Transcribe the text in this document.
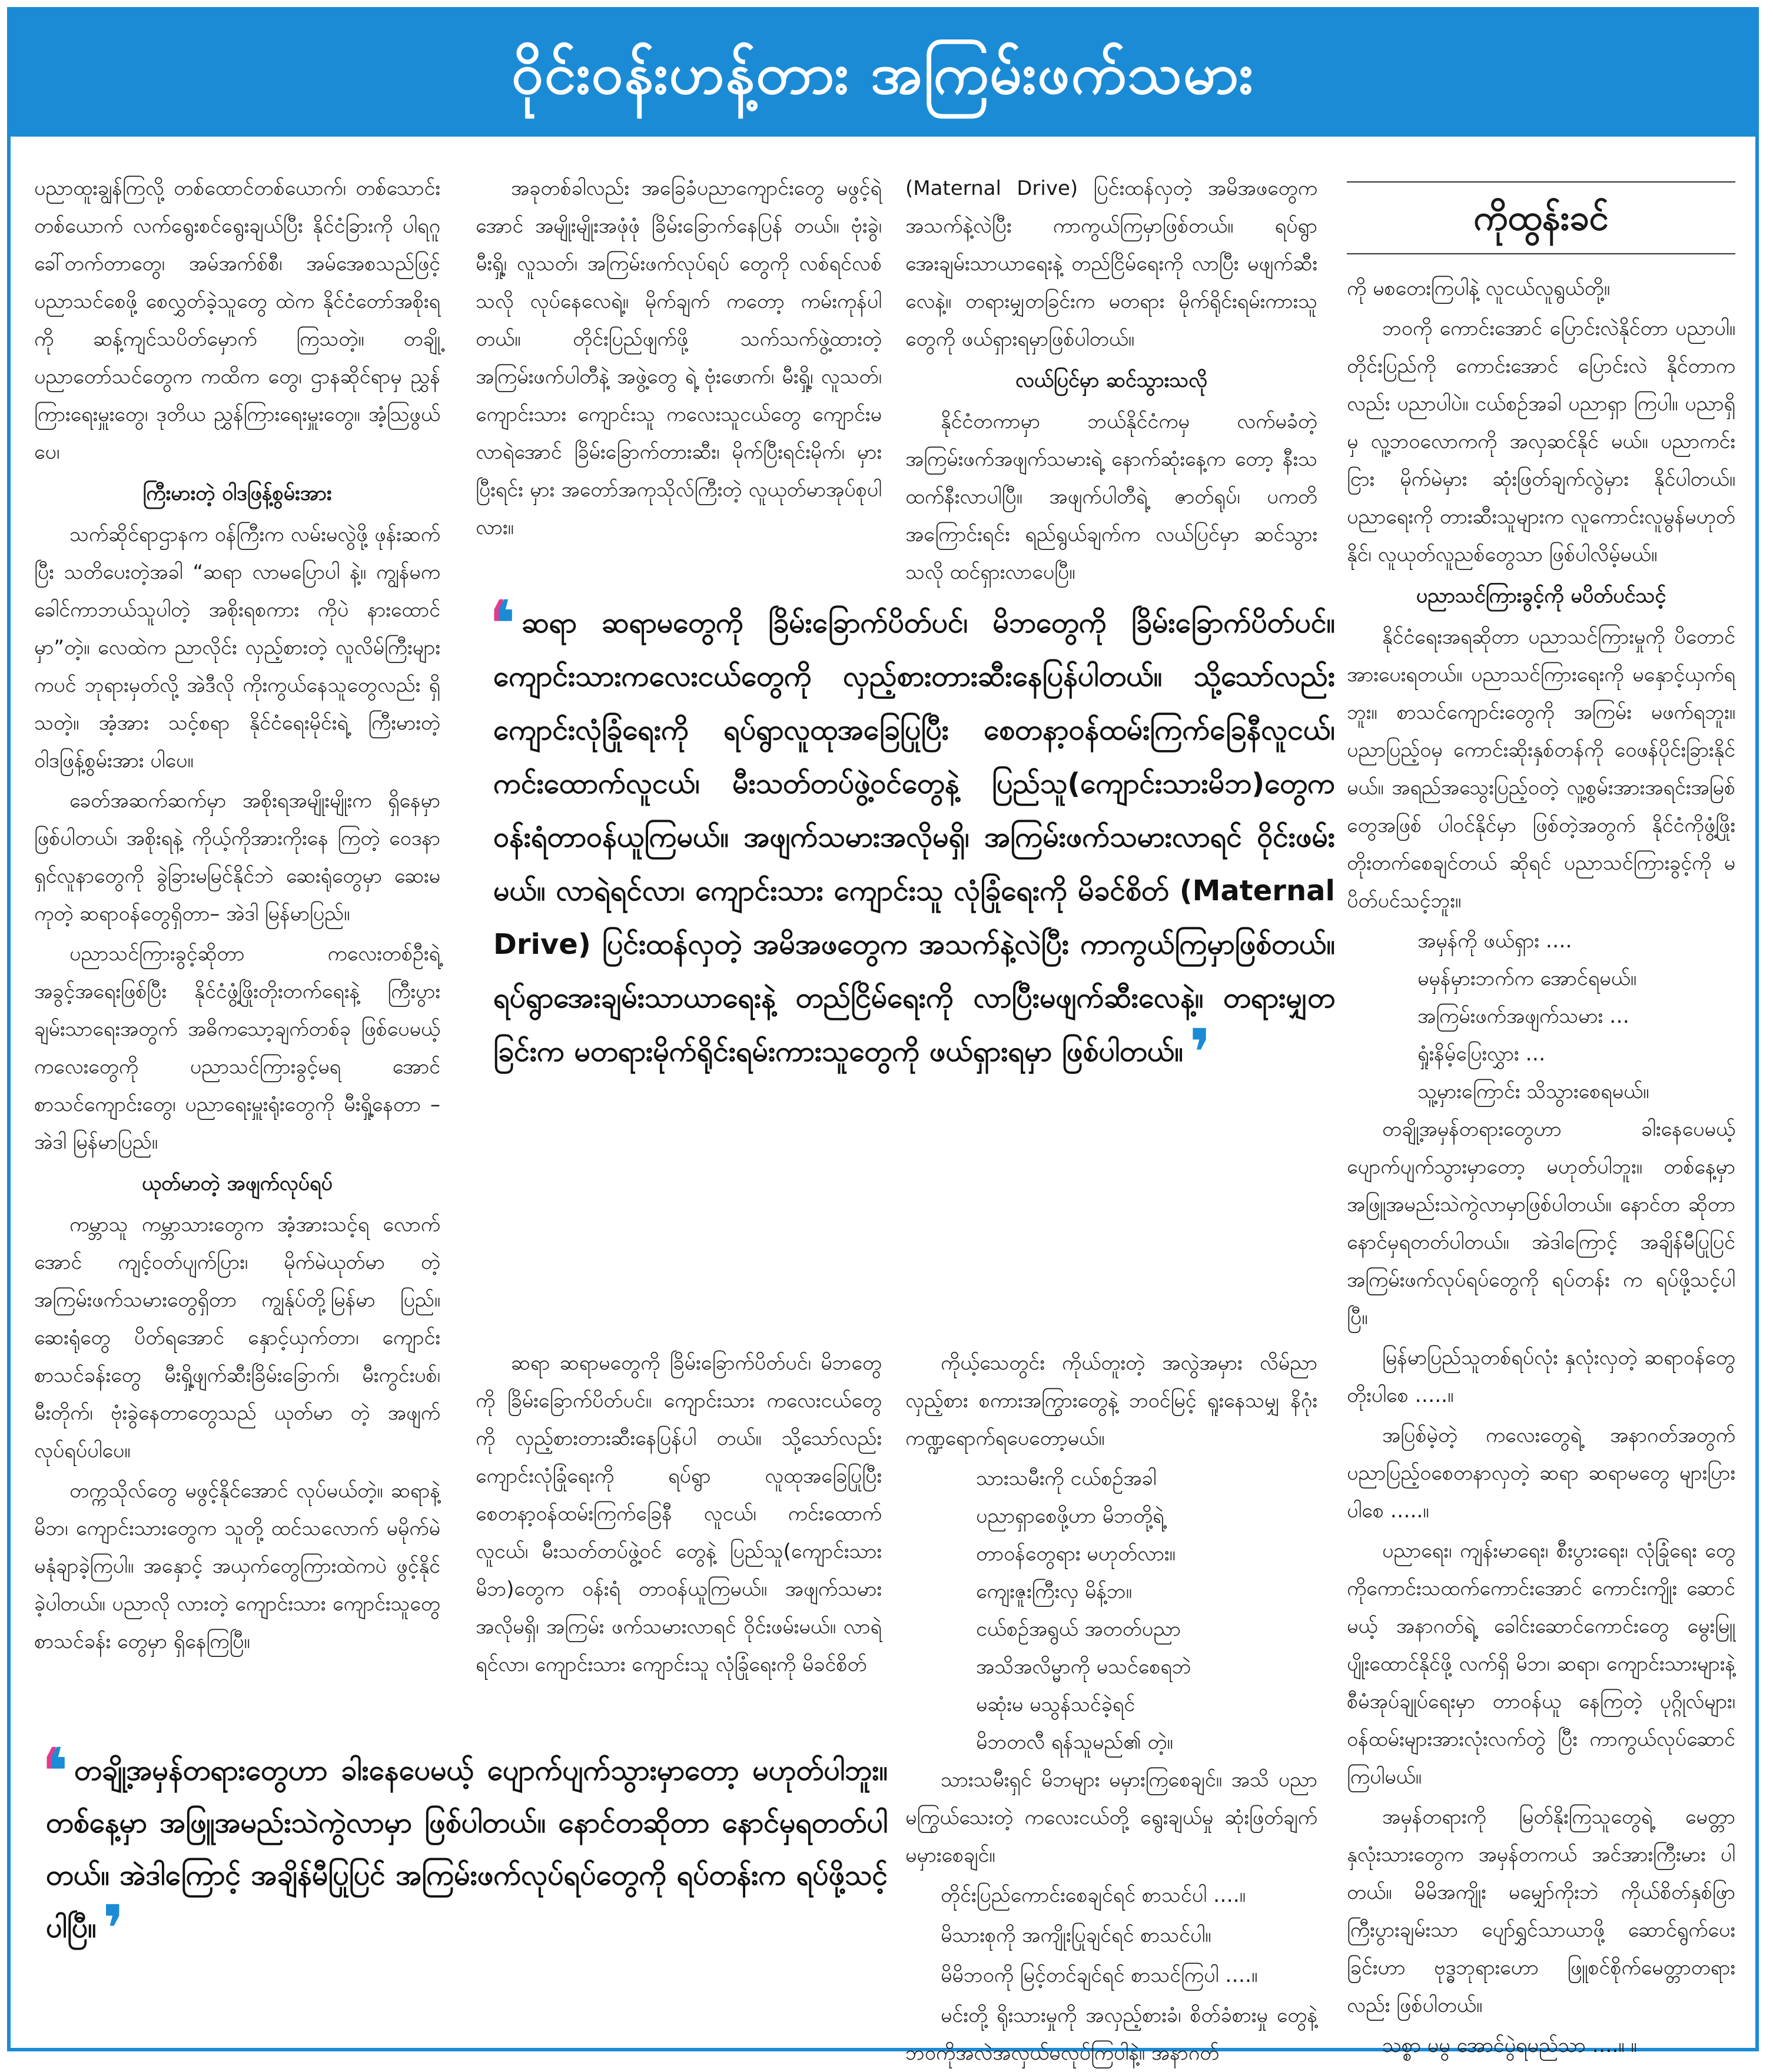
ဝိုင်းဝန်းဟန့်တား အကြမ်းဖက်သမား

ပညာထူးချွန်ကြလို့ တစ်ထောင်တစ်ယောက်၊ တစ်သောင်းတစ်ယောက် လက်ရွေးစင်ရွေးချယ်ပြီး နိုင်ငံခြားကို ပါရဂူ ခေါ်တက်တာတွေ၊ အမ်အက်စ်စီ၊ အမ်အေစသည်ဖြင့် ပညာသင်စေဖို့ စေလွှတ်ခဲ့သူတွေ ထဲက နိုင်ငံတော်အစိုးရကို ဆန့်ကျင်သပိတ်မှောက် ကြသတဲ့။ တချို့ ပညာတော်သင်တွေက ကထိက တွေ၊ ဌာနဆိုင်ရာမှ ညွှန်ကြားရေးမှူးတွေ၊ ဒုတိယ ညွှန်ကြားရေးမှူးတွေ။ အံ့သြဖွယ်ပေ၊

ကြီးမားတဲ့ ဝါဒဖြန့်စွမ်းအား

သက်ဆိုင်ရာဌာနက ဝန်ကြီးက လမ်းမလွဲဖို့ ဖုန်းဆက်ပြီး သတိပေးတဲ့အခါ “ဆရာ လာမပြောပါ နဲ့။ ကျွန်မက ခေါင်ကာဘယ်သူပါတဲ့ အစိုးရစကား ကိုပဲ နားထောင်မှာ”တဲ့။ လေထဲက ညာလိုင်း လှည့်စားတဲ့ လူလိမ်ကြီးများကပင် ဘုရားမှတ်လို့ အဲဒီလို ကိုးကွယ်နေသူတွေလည်း ရှိသတဲ့။ အံ့အား သင့်စရာ နိုင်ငံရေးမိုင်းရဲ့ ကြီးမားတဲ့ ဝါဒဖြန့်စွမ်းအား ပါပေ။

ခေတ်အဆက်ဆက်မှာ အစိုးရအမျိုးမျိုးက ရှိနေမှာဖြစ်ပါတယ်၊ အစိုးရနဲ့ ကိုယ့်ကိုအားကိုးနေ ကြတဲ့ ဝေဒနာရှင်လူနာတွေကို ခွဲခြားမမြင်နိုင်ဘဲ ဆေးရုံတွေမှာ ဆေးမကုတဲ့ ဆရာဝန်တွေရှိတာ– အဲဒါ မြန်မာပြည်။

ပညာသင်ကြားခွင့်ဆိုတာ ကလေးတစ်ဦးရဲ့ အခွင့်အရေးဖြစ်ပြီး နိုင်ငံဖွံ့ဖြိုးတိုးတက်ရေးနဲ့ ကြီးပွားချမ်းသာရေးအတွက် အဓိကသော့ချက်တစ်ခု ဖြစ်ပေမယ့် ကလေးတွေကို ပညာသင်ကြားခွင့်မရ အောင် စာသင်ကျောင်းတွေ၊ ပညာရေးမှူးရုံးတွေကို မီးရှို့နေတာ – အဲဒါ မြန်မာပြည်။

ယုတ်မာတဲ့ အဖျက်လုပ်ရပ်

ကမ္ဘာသူ ကမ္ဘာသားတွေက အံ့အားသင့်ရ လောက်အောင် ကျင့်ဝတ်ပျက်ပြား၊ မိုက်မဲယုတ်မာ တဲ့ အကြမ်းဖက်သမားတွေရှိတာ ကျွန်ုပ်တို့မြန်မာ ပြည်။ ဆေးရုံတွေ ပိတ်ရအောင် နှောင့်ယှက်တာ၊ ကျောင်းစာသင်ခန်းတွေ မီးရှို့ဖျက်ဆီးခြိမ်းခြောက်၊ မီးကွင်းပစ်၊ မီးတိုက်၊ ဗုံးခွဲနေတာတွေသည် ယုတ်မာ တဲ့ အဖျက်လုပ်ရပ်ပါပေ။

တက္ကသိုလ်တွေ မဖွင့်နိုင်အောင် လုပ်မယ်တဲ့။ ဆရာနဲ့ မိဘ၊ ကျောင်းသားတွေက သူတို့ ထင်သလောက် မမိုက်မဲ မနုံချာခဲ့ကြပါ။ အနှောင့် အယှက်တွေကြားထဲကပဲ ဖွင့်နိုင်ခဲ့ပါတယ်။ ပညာလို လားတဲ့ ကျောင်းသား ကျောင်းသူတွေ စာသင်ခန်း တွေမှာ ရှိနေကြပြီ။

အခုတစ်ခါလည်း အခြေခံပညာကျောင်းတွေ မဖွင့်ရဲအောင် အမျိုးမျိုးအဖုံဖုံ ခြိမ်းခြောက်နေပြန် တယ်။ ဗုံးခွဲ၊ မီးရှို့၊ လူသတ်၊ အကြမ်းဖက်လုပ်ရပ် တွေကို လစ်ရင်လစ်သလို လုပ်နေလေရဲ့။ မိုက်ချက် ကတော့ ကမ်းကုန်ပါတယ်။ တိုင်းပြည်ဖျက်ဖို့ သက်သက်ဖွဲ့ထားတဲ့ အကြမ်းဖက်ပါတီနဲ့ အဖွဲ့တွေ ရဲ့ ဗုံးဖောက်၊ မီးရှို့၊ လူသတ်၊ ကျောင်းသား ကျောင်းသူ ကလေးသူငယ်တွေ ကျောင်းမလာရဲအောင် ခြိမ်းခြောက်တားဆီး၊ မိုက်ပြီးရင်းမိုက်၊ မှားပြီးရင်း မှား အတော်အကုသိုလ်ကြီးတဲ့ လူယုတ်မာအုပ်စုပါ လား။

(Maternal Drive) ပြင်းထန်လှတဲ့ အမိအဖတွေက အသက်နဲ့လဲပြီး ကာကွယ်ကြမှာဖြစ်တယ်။ ရပ်ရွာ အေးချမ်းသာယာရေးနဲ့ တည်ငြိမ်ရေးကို လာပြီး မဖျက်ဆီးလေနဲ့။ တရားမျှတခြင်းက မတရား မိုက်ရိုင်းရမ်းကားသူတွေကို ဖယ်ရှားရမှာဖြစ်ပါတယ်။

လယ်ပြင်မှာ ဆင်သွားသလို

နိုင်ငံတကာမှာ ဘယ်နိုင်ငံကမှ လက်မခံတဲ့ အကြမ်းဖက်အဖျက်သမားရဲ့ နောက်ဆုံးနေ့က တော့ နီးသထက်နီးလာပါပြီ။ အဖျက်ပါတီရဲ့ ဇာတ်ရုပ်၊ ပကတိအကြောင်းရင်း ရည်ရွယ်ချက်က လယ်ပြင်မှာ ဆင်သွားသလို ထင်ရှားလာပေပြီ။

ကိုထွန်းခင်

ကို မစတေးကြပါနဲ့ လူငယ်လူရွယ်တို့။

ဘဝကို ကောင်းအောင် ပြောင်းလဲနိုင်တာ ပညာပါ။ တိုင်းပြည်ကို ကောင်းအောင် ပြောင်းလဲ နိုင်တာကလည်း ပညာပါပဲ။ ငယ်စဉ်အခါ ပညာရှာ ကြပါ။ ပညာရှိမှ လူ့ဘဝလောကကို အလှဆင်နိုင် မယ်။ ပညာကင်းငြား မိုက်မဲမှား ဆုံးဖြတ်ချက်လွဲမှား နိုင်ပါတယ်။ ပညာရေးကို တားဆီးသူများက လူကောင်းလူမွန်မဟုတ်နိုင်၊ လူယုတ်လူညစ်တွေသာ ဖြစ်ပါလိမ့်မယ်။

ပညာသင်ကြားခွင့်ကို မပိတ်ပင်သင့်

နိုင်ငံရေးအရဆိုတာ ပညာသင်ကြားမှုကို ပိတောင်အားပေးရတယ်။ ပညာသင်ကြားရေးကို မနှောင့်ယှက်ရဘူး။ စာသင်ကျောင်းတွေကို အကြမ်း မဖက်ရဘူး။ ပညာပြည့်ဝမှ ကောင်းဆိုးနှစ်တန်ကို ဝေဖန်ပိုင်းခြားနိုင်မယ်။ အရည်အသွေးပြည့်ဝတဲ့ လူ့စွမ်းအားအရင်းအမြစ်တွေအဖြစ် ပါဝင်နိုင်မှာ ဖြစ်တဲ့အတွက် နိုင်ငံကိုဖွံ့ဖြိုးတိုးတက်စေချင်တယ် ဆိုရင် ပညာသင်ကြားခွင့်ကို မပိတ်ပင်သင့်ဘူး။

အမှန်ကို ဖယ်ရှား ….

မမှန်မှားဘက်က အောင်ရမယ်။

အကြမ်းဖက်အဖျက်သမား …

ရှုံးနိမ့်ပြေးလွှား …

သူ့မှားကြောင်း သိသွားစေရမယ်။

တချို့အမှန်တရားတွေဟာ ခါးနေပေမယ့် ပျောက်ပျက်သွားမှာတော့ မဟုတ်ပါဘူး။ တစ်နေ့မှာ အဖြူအမည်းသဲကွဲလာမှာဖြစ်ပါတယ်။ နောင်တ ဆိုတာ နောင်မှရတတ်ပါတယ်။ အဲဒါကြောင့် အချိန်မီပြုပြင်အကြမ်းဖက်လုပ်ရပ်တွေကို ရပ်တန်း က ရပ်ဖို့သင့်ပါပြီ။

မြန်မာပြည်သူတစ်ရပ်လုံး နှလုံးလှတဲ့ ဆရာဝန်တွေ တိုးပါစေ …..။

အပြစ်မဲ့တဲ့ ကလေးတွေရဲ့ အနာဂတ်အတွက် ပညာပြည့်ဝစေတနာလှတဲ့ ဆရာ ဆရာမတွေ များပြားပါစေ …..။

ပညာရေး၊ ကျန်းမာရေး၊ စီးပွားရေး၊ လုံခြုံရေး တွေကိုကောင်းသထက်ကောင်းအောင် ကောင်းကျိုး ဆောင်မယ့် အနာဂတ်ရဲ့ ခေါင်းဆောင်ကောင်းတွေ မွေးမြူပျိုးထောင်နိုင်ဖို့ လက်ရှိ မိဘ၊ ဆရာ၊ ကျောင်းသားများနဲ့ စီမံအုပ်ချုပ်ရေးမှာ တာဝန်ယူ နေကြတဲ့ ပုဂ္ဂိုလ်များ၊ ဝန်ထမ်းများအားလုံးလက်တွဲ ပြီး ကာကွယ်လုပ်ဆောင်ကြပါမယ်။

အမှန်တရားကို မြတ်နိုးကြသူတွေရဲ့ မေတ္တာ နှလုံးသားတွေက အမှန်တကယ် အင်အားကြီးမား ပါတယ်။ မိမိအကျိုး မမျှော်ကိုးဘဲ ကိုယ်စိတ်နှစ်ဖြာ ကြီးပွားချမ်းသာ ပျော်ရွှင်သာယာဖို့ ဆောင်ရွက်ပေး ခြင်းဟာ ဗုဒ္ဓဘုရားဟော ဖြူစင်စိုက်မေတ္တာတရား လည်း ဖြစ်ပါတယ်။

သစ္စာ မမွ အောင်ပွဲရမည်သာ ….။ ။

❛ ဆရာ ဆရာမတွေကို ခြိမ်းခြောက်ပိတ်ပင်၊ မိဘတွေကို ခြိမ်းခြောက်ပိတ်ပင်။ ကျောင်းသားကလေးငယ်တွေကို လှည့်စားတားဆီးနေပြန်ပါတယ်။ သို့သော်လည်း ကျောင်းလုံခြုံရေးကို ရပ်ရွာလူထုအခြေပြုပြီး စေတနာ့ဝန်ထမ်းကြက်ခြေနီလူငယ်၊ ကင်းထောက်လူငယ်၊ မီးသတ်တပ်ဖွဲ့ဝင်တွေနဲ့ ပြည်သူ(ကျောင်းသားမိဘ)တွေက ဝန်းရံတာဝန်ယူကြမယ်။ အဖျက်သမားအလိုမရှိ၊ အကြမ်းဖက်သမားလာရင် ဝိုင်းဖမ်းမယ်။ လာရဲရင်လာ၊ ကျောင်းသား ကျောင်းသူ လုံခြုံရေးကို မိခင်စိတ် (Maternal Drive) ပြင်းထန်လှတဲ့ အမိအဖတွေက အသက်နဲ့လဲပြီး ကာကွယ်ကြမှာဖြစ်တယ်။ ရပ်ရွာအေးချမ်းသာယာရေးနဲ့ တည်ငြိမ်ရေးကို လာပြီးမဖျက်ဆီးလေနဲ့။ တရားမျှတခြင်းက မတရားမိုက်ရိုင်းရမ်းကားသူတွေကို ဖယ်ရှားရမှာ ဖြစ်ပါတယ်။❜

ဆရာ ဆရာမတွေကို ခြိမ်းခြောက်ပိတ်ပင်၊ မိဘတွေကို ခြိမ်းခြောက်ပိတ်ပင်။ ကျောင်းသား ကလေးငယ်တွေကို လှည့်စားတားဆီးနေပြန်ပါ တယ်။ သို့သော်လည်း ကျောင်းလုံခြုံရေးကို ရပ်ရွာ လူထုအခြေပြုပြီး စေတနာ့ဝန်ထမ်းကြက်ခြေနီ လူငယ်၊ ကင်းထောက်လူငယ်၊ မီးသတ်တပ်ဖွဲ့ဝင် တွေနဲ့ ပြည်သူ(ကျောင်းသားမိဘ)တွေက ဝန်းရံ တာဝန်ယူကြမယ်။ အဖျက်သမားအလိုမရှိ၊ အကြမ်း ဖက်သမားလာရင် ဝိုင်းဖမ်းမယ်။ လာရဲရင်လာ၊ ကျောင်းသား ကျောင်းသူ လုံခြုံရေးကို မိခင်စိတ်

ကိုယ့်သေတွင်း ကိုယ်တူးတဲ့ အလွဲအမှား လိမ်ညာလှည့်စား စကားအကြွားတွေနဲ့ ဘဝင်မြင့် ရူးနေသမျှ နိဂုံးကဏ္ဍရောက်ရပေတော့မယ်။

သားသမီးကို ငယ်စဉ်အခါ

ပညာရှာစေဖို့ဟာ မိဘတို့ရဲ့

တာဝန်တွေရား မဟုတ်လား။

ကျေးဇူးကြီးလှ မိန့်ဘ။

ငယ်စဉ်အရွယ် အတတ်ပညာ

အသိအလိမ္မာကို မသင်စေရဘဲ

မဆုံးမ မသွန်သင်ခဲ့ရင်

မိဘတလီ ရန်သူမည်၏ တဲ့။

သားသမီးရှင် မိဘများ မမှားကြစေချင်။ အသိ ပညာ မကြွယ်သေးတဲ့ ကလေးငယ်တို့ ရွေးချယ်မှု ဆုံးဖြတ်ချက် မမှားစေချင်။

တိုင်းပြည်ကောင်းစေချင်ရင် စာသင်ပါ ….။

မိသားစုကို အကျိုးပြုချင်ရင် စာသင်ပါ။

မိမိဘဝကို မြင့်တင်ချင်ရင် စာသင်ကြပါ ….။

မင်းတို့ ရိုးသားမှုကို အလှည့်စားခံ၊ စိတ်ခံစားမှု တွေနဲ့ ဘဝကိုအလဲအလှယ်မလုပ်ကြပါနဲ့။ အနာဂတ်

❛ တချို့အမှန်တရားတွေဟာ ခါးနေပေမယ့် ပျောက်ပျက်သွားမှာတော့ မဟုတ်ပါဘူး။ တစ်နေ့မှာ အဖြူအမည်းသဲကွဲလာမှာ ဖြစ်ပါတယ်။ နောင်တဆိုတာ နောင်မှရတတ်ပါတယ်။ အဲဒါကြောင့် အချိန်မီပြုပြင် အကြမ်းဖက်လုပ်ရပ်တွေကို ရပ်တန်းက ရပ်ဖို့သင့်ပါပြီ။❜
